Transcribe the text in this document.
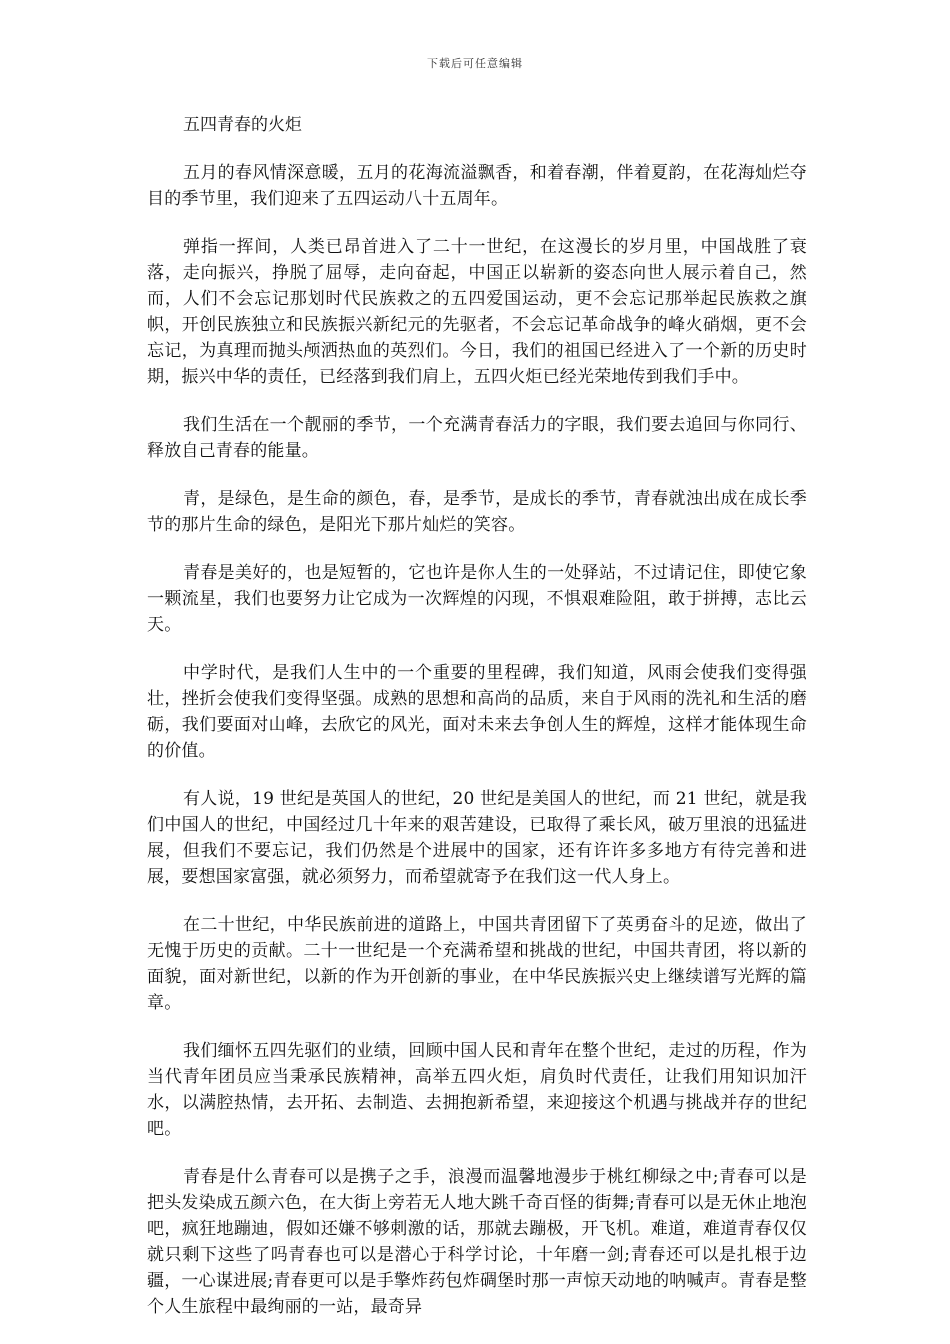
下载后可任意编辑
五四青春的火炬

五月的春风情深意暖，五月的花海流溢飘香，和着春潮，伴着夏韵，在花海灿烂夺目的季节里，我们迎来了五四运动八十五周年。

弹指一挥间，人类已昂首进入了二十一世纪，在这漫长的岁月里，中国战胜了衰落，走向振兴，挣脱了屈辱，走向奋起，中国正以崭新的姿态向世人展示着自己，然而，人们不会忘记那划时代民族救之的五四爱国运动，更不会忘记那举起民族救之旗帜，开创民族独立和民族振兴新纪元的先驱者，不会忘记革命战争的峰火硝烟，更不会忘记，为真理而抛头颅洒热血的英烈们。今日，我们的祖国已经进入了一个新的历史时期，振兴中华的责任，已经落到我们肩上，五四火炬已经光荣地传到我们手中。

我们生活在一个靓丽的季节，一个充满青春活力的字眼，我们要去追回与你同行、释放自己青春的能量。

青，是绿色，是生命的颜色，春，是季节，是成长的季节，青春就浊出成在成长季节的那片生命的绿色，是阳光下那片灿烂的笑容。

青春是美好的，也是短暂的，它也许是你人生的一处驿站，不过请记住，即使它象一颗流星，我们也要努力让它成为一次辉煌的闪现，不惧艰难险阻，敢于拼搏，志比云天。

中学时代，是我们人生中的一个重要的里程碑，我们知道，风雨会使我们变得强壮，挫折会使我们变得坚强。成熟的思想和高尚的品质，来自于风雨的洗礼和生活的磨砺，我们要面对山峰，去欣它的风光，面对未来去争创人生的辉煌，这样才能体现生命的价值。

有人说，19 世纪是英国人的世纪，20 世纪是美国人的世纪，而 21 世纪，就是我们中国人的世纪，中国经过几十年来的艰苦建设，已取得了乘长风，破万里浪的迅猛进展，但我们不要忘记，我们仍然是个进展中的国家，还有许许多多地方有待完善和进展，要想国家富强，就必须努力，而希望就寄予在我们这一代人身上。

在二十世纪，中华民族前进的道路上，中国共青团留下了英勇奋斗的足迹，做出了无愧于历史的贡献。二十一世纪是一个充满希望和挑战的世纪，中国共青团，将以新的面貌，面对新世纪，以新的作为开创新的事业，在中华民族振兴史上继续谱写光辉的篇章。

我们缅怀五四先驱们的业绩，回顾中国人民和青年在整个世纪，走过的历程，作为当代青年团员应当秉承民族精神，高举五四火炬，肩负时代责任，让我们用知识加汗水，以满腔热情，去开拓、去制造、去拥抱新希望，来迎接这个机遇与挑战并存的世纪吧。

青春是什么青春可以是携子之手，浪漫而温馨地漫步于桃红柳绿之中;青春可以是把头发染成五颜六色，在大街上旁若无人地大跳千奇百怪的街舞;青春可以是无休止地泡吧，疯狂地蹦迪，假如还嫌不够刺激的话，那就去蹦极，开飞机。难道，难道青春仅仅就只剩下这些了吗青春也可以是潜心于科学讨论，十年磨一剑;青春还可以是扎根于边疆，一心谋进展;青春更可以是手擎炸药包炸碉堡时那一声惊天动地的呐喊声。青春是整个人生旅程中最绚丽的一站，最奇异
